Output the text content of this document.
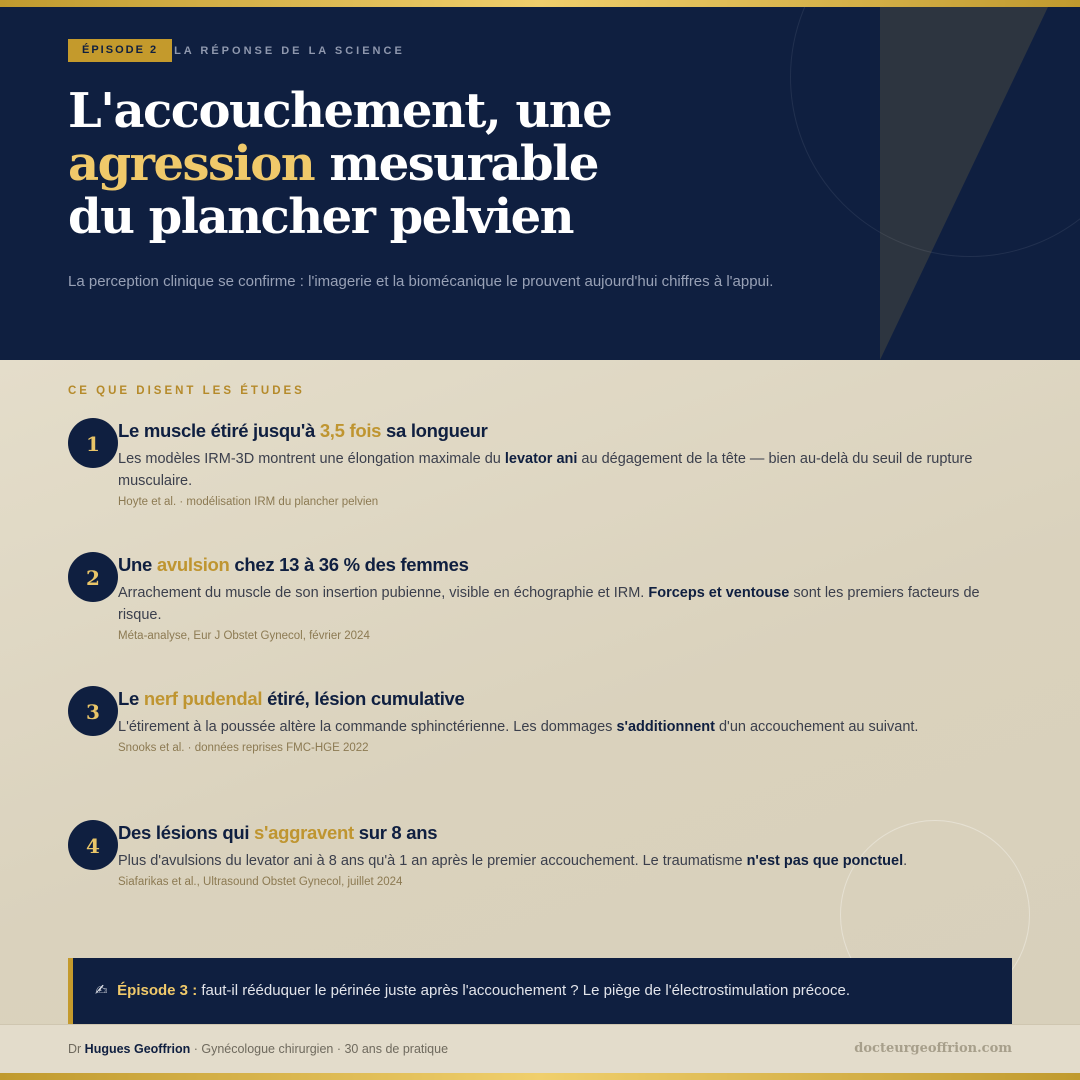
ÉPISODE 2	LA RÉPONSE DE LA SCIENCE
L'accouchement, une
agression mesurable
du plancher pelvien

La perception clinique se confirme : l'imagerie et la biomécanique le prouvent aujourd'hui chiffres à l'appui.

CE QUE DISENT LES ÉTUDES
1
Le muscle étiré jusqu'à 3,5 fois sa longueur
Les modèles IRM-3D montrent une élongation maximale du levator ani au dégagement de la tête — bien au-delà du seuil de rupture musculaire.
Hoyte et al. · modélisation IRM du plancher pelvien
2
Une avulsion chez 13 à 36 % des femmes
Arrachement du muscle de son insertion pubienne, visible en échographie et IRM. Forceps et ventouse sont les premiers facteurs de risque.
Méta-analyse, Eur J Obstet Gynecol, février 2024
3
Le nerf pudendal étiré, lésion cumulative
L'étirement à la poussée altère la commande sphinctérienne. Les dommages s'additionnent d'un accouchement au suivant.
Snooks et al. · données reprises FMC-HGE 2022
4
Des lésions qui s'aggravent sur 8 ans
Plus d'avulsions du levator ani à 8 ans qu'à 1 an après le premier accouchement. Le traumatisme n'est pas que ponctuel.
Siafarikas et al., Ultrasound Obstet Gynecol, juillet 2024
✍ Épisode 3 : faut-il rééduquer le périnée juste après l'accouchement ? Le piège de l'électrostimulation précoce.
Dr Hugues Geoffrion · Gynécologue chirurgien · 30 ans de pratique	docteurgeoffrion.com
